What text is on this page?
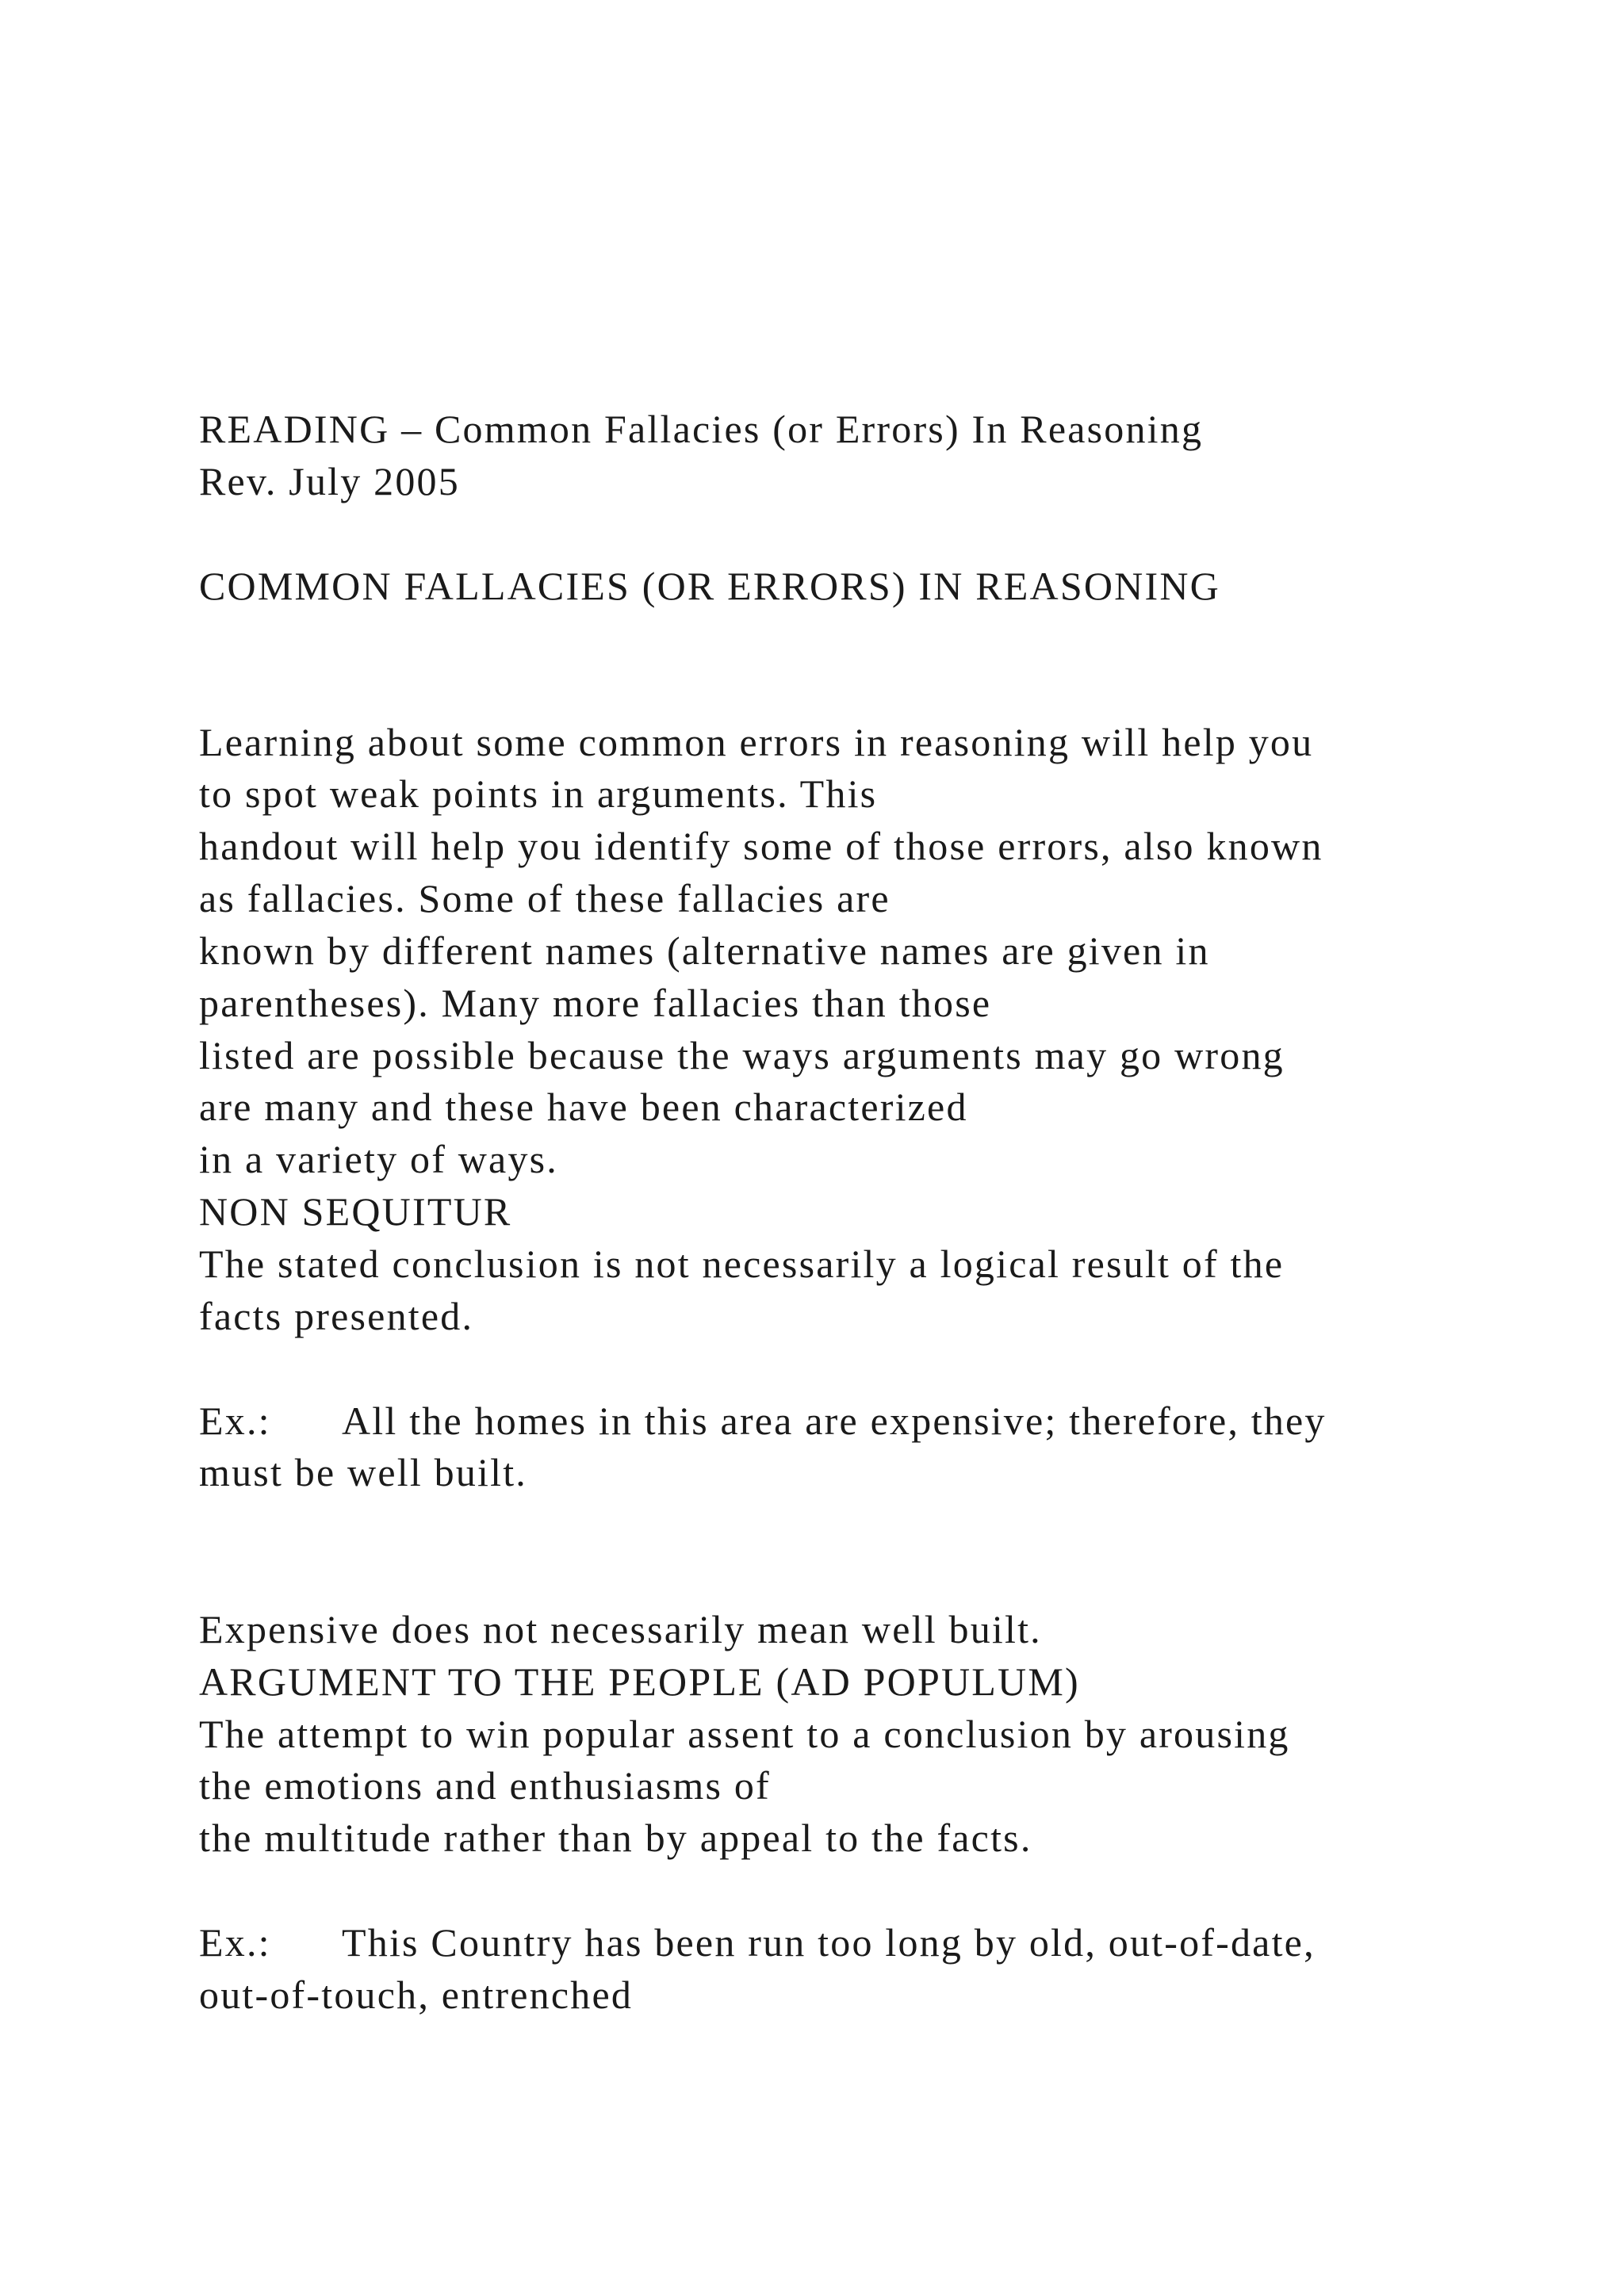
READING – Common Fallacies (or Errors) In Reasoning

Rev. July 2005

COMMON FALLACIES (OR ERRORS) IN REASONING

Learning about some common errors in reasoning will help you

to spot weak points in arguments. This

handout will help you identify some of those errors, also known

as fallacies. Some of these fallacies are

known by different names (alternative names are given in

parentheses). Many more fallacies than those

listed are possible because the ways arguments may go wrong

are many and these have been characterized

in a variety of ways.

NON SEQUITUR

The stated conclusion is not necessarily a logical result of the

facts presented.

Ex.: All the homes in this area are expensive; therefore, they

must be well built.

Expensive does not necessarily mean well built.

ARGUMENT TO THE PEOPLE (AD POPULUM)

The attempt to win popular assent to a conclusion by arousing

the emotions and enthusiasms of

the multitude rather than by appeal to the facts.

Ex.: This Country has been run too long by old, out-of-date,

out-of-touch, entrenched
